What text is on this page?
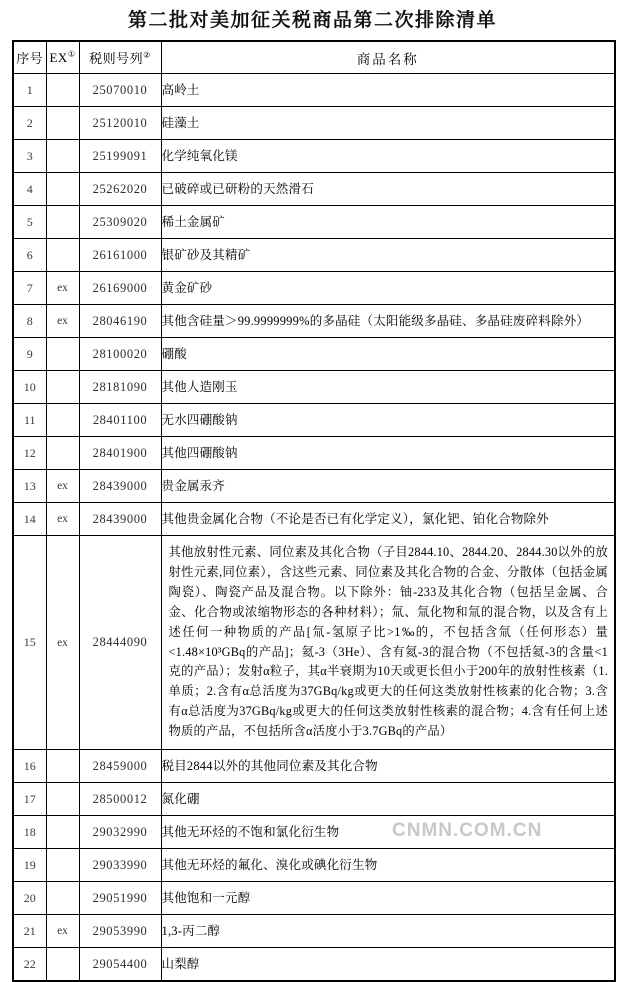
第二批对美加征关税商品第二次排除清单
序号	EX①	税则号列②	商品名称
1		25070010	高岭土
2		25120010	硅藻土
3		25199091	化学纯氧化镁
4		25262020	已破碎或已研粉的天然滑石
5		25309020	稀土金属矿
6		26161000	银矿砂及其精矿
7	ex	26169000	黄金矿砂
8	ex	28046190	其他含硅量＞99.9999999%的多晶硅（太阳能级多晶硅、多晶硅废碎料除外）
9		28100020	硼酸
10		28181090	其他人造刚玉
11		28401100	无水四硼酸钠
12		28401900	其他四硼酸钠
13	ex	28439000	贵金属汞齐
14	ex	28439000	其他贵金属化合物（不论是否已有化学定义），氯化钯、铂化合物除外
15	ex	28444090	其他放射性元素、同位素及其化合物（子目2844.10、2844.20、2844.30以外的放射性元素,同位素），含这些元素、同位素及其化合物的合金、分散体（包括金属陶瓷）、陶瓷产品及混合物。以下除外：铀-233及其化合物（包括呈金属、合金、化合物或浓缩物形态的各种材料）；氚、氚化物和氚的混合物，以及含有上述任何一种物质的产品[氚-氢原子比>1‰的，不包括含氚（任何形态）量<1.48×10³GBq的产品]；氦-3（3He）、含有氦-3的混合物（不包括氦-3的含量<1克的产品）；发射α粒子，其α半衰期为10天或更长但小于200年的放射性核素（1.单质；2.含有α总活度为37GBq/kg或更大的任何这类放射性核素的化合物；3.含有α总活度为37GBq/kg或更大的任何这类放射性核素的混合物；4.含有任何上述物质的产品，不包括所含α活度小于3.7GBq的产品）
16		28459000	税目2844以外的其他同位素及其化合物
17		28500012	氮化硼
18		29032990	其他无环烃的不饱和氯化衍生物
19		29033990	其他无环烃的氟化、溴化或碘化衍生物
20		29051990	其他饱和一元醇
21	ex	29053990	1,3-丙二醇
22		29054400	山梨醇
CNMN.COM.CN
